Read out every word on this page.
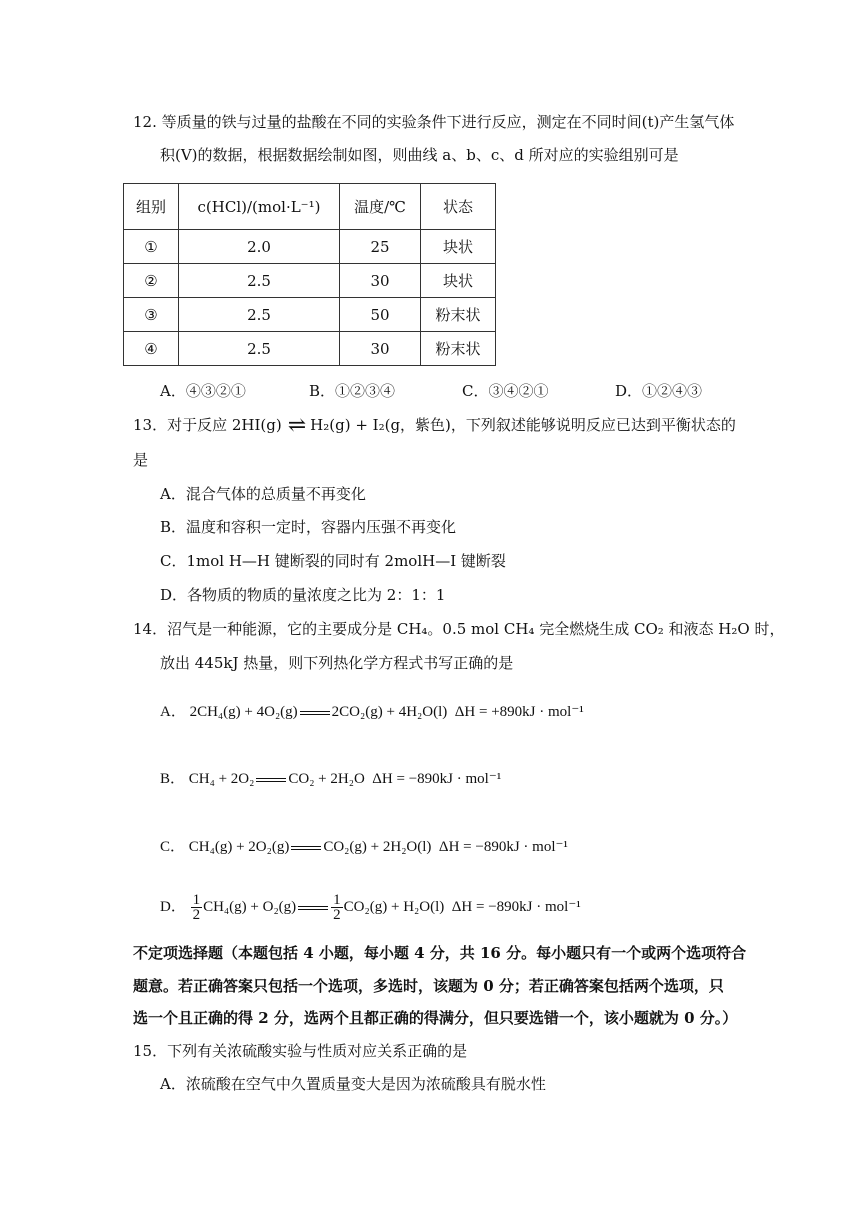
12. 等质量的铁与过量的盐酸在不同的实验条件下进行反应，测定在不同时间(t)产生氢气体
积(V)的数据，根据数据绘制如图，则曲线 a、b、c、d 所对应的实验组别可是
组别	c(HCl)/(mol·L⁻¹)	温度/℃	状态
①	2.0	25	块状
②	2.5	30	块状
③	2.5	50	粉末状
④	2.5	30	粉末状
A．④③②①	B．①②③④	C．③④②①	D．①②④③
13．对于反应 2HI(g) ⇌ H₂(g) + I₂(g，紫色)，下列叙述能够说明反应已达到平衡状态的
是
A．混合气体的总质量不再变化
B．温度和容积一定时，容器内压强不再变化
C．1mol H—H 键断裂的同时有 2molH—I 键断裂
D．各物质的物质的量浓度之比为 2：1：1
14．沼气是一种能源，它的主要成分是 CH₄。0.5 mol CH₄ 完全燃烧生成 CO₂ 和液态 H₂O 时，
放出 445kJ 热量，则下列热化学方程式书写正确的是
A． 2CH₄(g) + 4O₂(g) 2CO₂(g) + 4H₂O(l) ΔH = +890kJ · mol⁻¹
B． CH₄ + 2O₂ CO₂ + 2H₂O ΔH = −890kJ · mol⁻¹
C． CH₄(g) + 2O₂(g) CO₂(g) + 2H₂O(l) ΔH = −890kJ · mol⁻¹
D． $\frac{1}{2} CH_4(g) + O_2(g) \frac{1}{2} CO_2(g) + H_2O(l) \Delta H = -890kJ \cdot mol^{-1}$
不定项选择题（本题包括 4 小题，每小题 4 分，共 16 分。每小题只有一个或两个选项符合
题意。若正确答案只包括一个选项，多选时，该题为 0 分；若正确答案包括两个选项，只
选一个且正确的得 2 分，选两个且都正确的得满分，但只要选错一个，该小题就为 0 分。）
15．下列有关浓硫酸实验与性质对应关系正确的是
A．浓硫酸在空气中久置质量变大是因为浓硫酸具有脱水性
